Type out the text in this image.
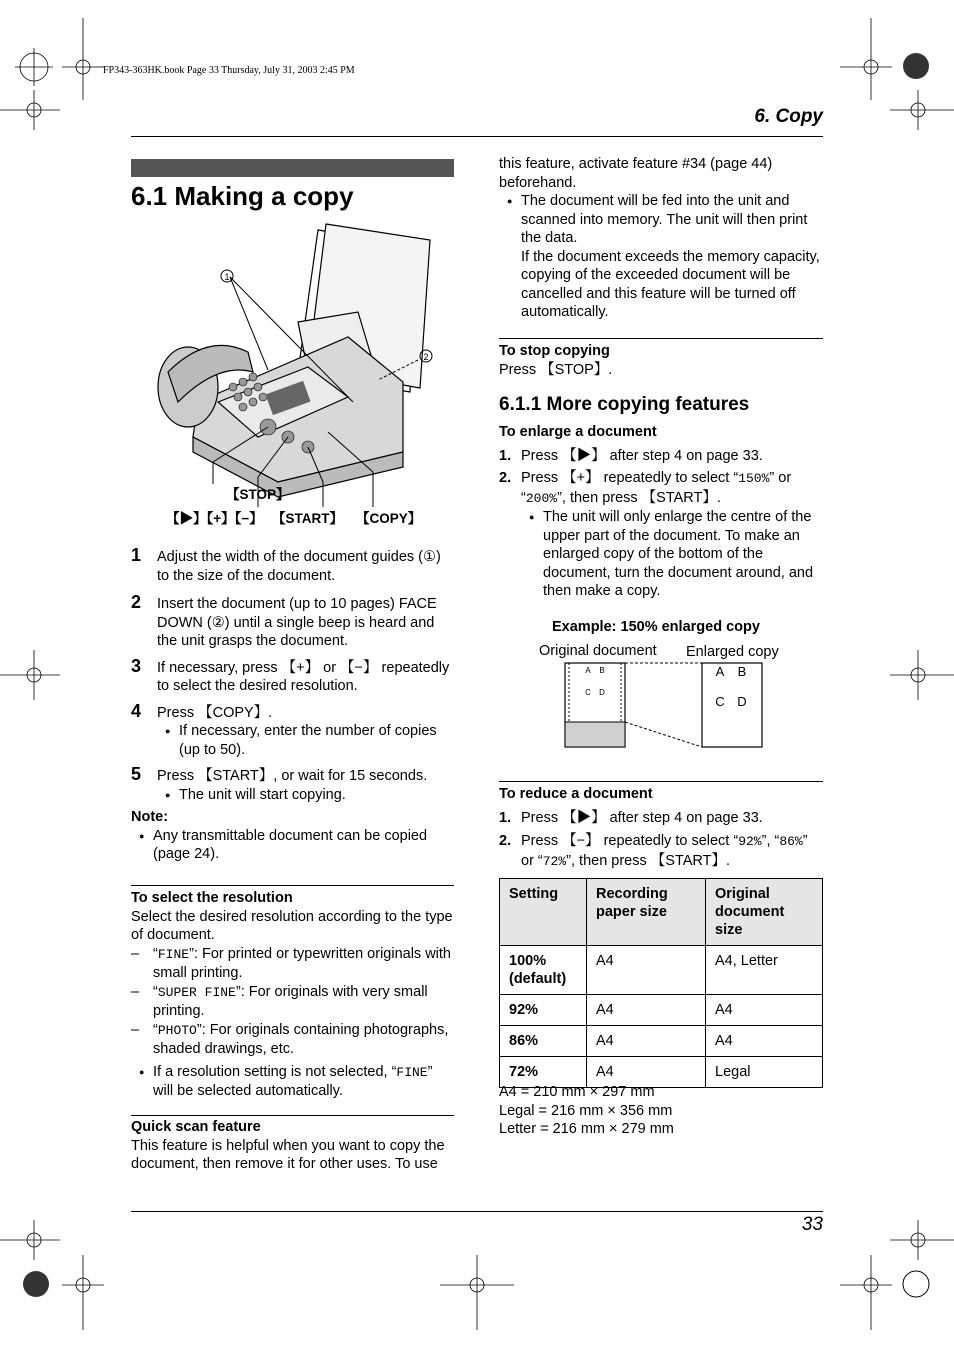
FP343-363HK.book Page 33 Thursday, July 31, 2003 2:45 PM
6. Copy
6.1 Making a copy
1
2
【STOP】
【▶】【+】【−】 【START】 【COPY】
1 Adjust the width of the document guides (①) to the size of the document.
2 Insert the document (up to 10 pages) FACE DOWN (②) until a single beep is heard and the unit grasps the document.
3 If necessary, press 【+】 or 【−】 repeatedly to select the desired resolution.
4 Press 【COPY】.
● If necessary, enter the number of copies (up to 50).
5 Press 【START】, or wait for 15 seconds.
● The unit will start copying.
Note:
● Any transmittable document can be copied (page 24).
To select the resolution
Select the desired resolution according to the type of document.
– “FINE”: For printed or typewritten originals with small printing.
– “SUPER FINE”: For originals with very small printing.
– “PHOTO”: For originals containing photographs, shaded drawings, etc.
● If a resolution setting is not selected, “FINE” will be selected automatically.
Quick scan feature
This feature is helpful when you want to copy the document, then remove it for other uses. To use
this feature, activate feature #34 (page 44) beforehand.
● The document will be fed into the unit and scanned into memory. The unit will then print the data.
If the document exceeds the memory capacity, copying of the exceeded document will be cancelled and this feature will be turned off automatically.
To stop copying
Press 【STOP】.
6.1.1 More copying features
To enlarge a document
1. Press 【▶】 after step 4 on page 33.
2. Press 【+】 repeatedly to select “150%” or “200%”, then press 【START】.
● The unit will only enlarge the centre of the upper part of the document. To make an enlarged copy of the bottom of the document, turn the document around, and then make a copy.
Example: 150% enlarged copy
Original document Enlarged copy
A B
C D
A B
C D
To reduce a document
1. Press 【▶】 after step 4 on page 33.
2. Press 【−】 repeatedly to select “92%”, “86%” or “72%”, then press 【START】.
Setting	Recording paper size	Original document size
100% (default)	A4	A4, Letter
92%	A4	A4
86%	A4	A4
72%	A4	Legal
A4 = 210 mm × 297 mm
Legal = 216 mm × 356 mm
Letter = 216 mm × 279 mm
33
